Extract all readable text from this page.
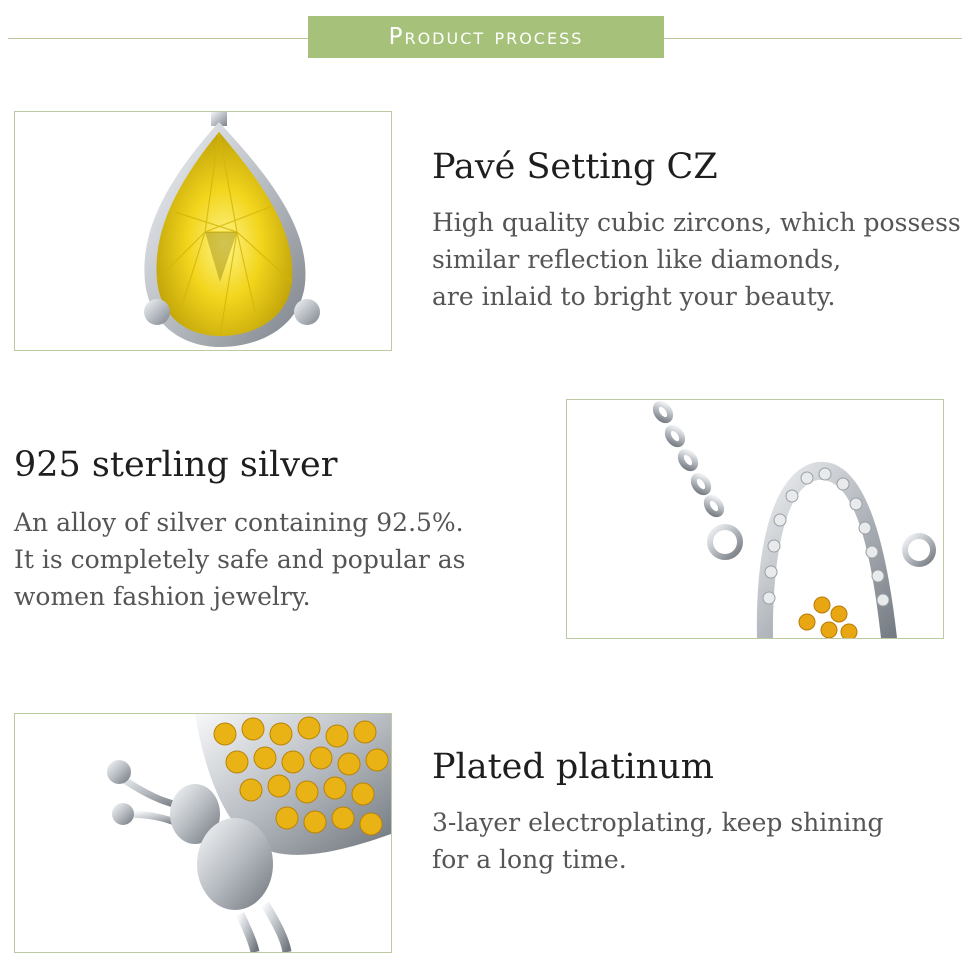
Product process
Pavé Setting CZ
High quality cubic zircons, which possess
similar reflection like diamonds,
are inlaid to bright your beauty.
925 sterling silver
An alloy of silver containing 92.5%.
It is completely safe and popular as
women fashion jewelry.
Plated platinum
3-layer electroplating, keep shining
for a long time.
